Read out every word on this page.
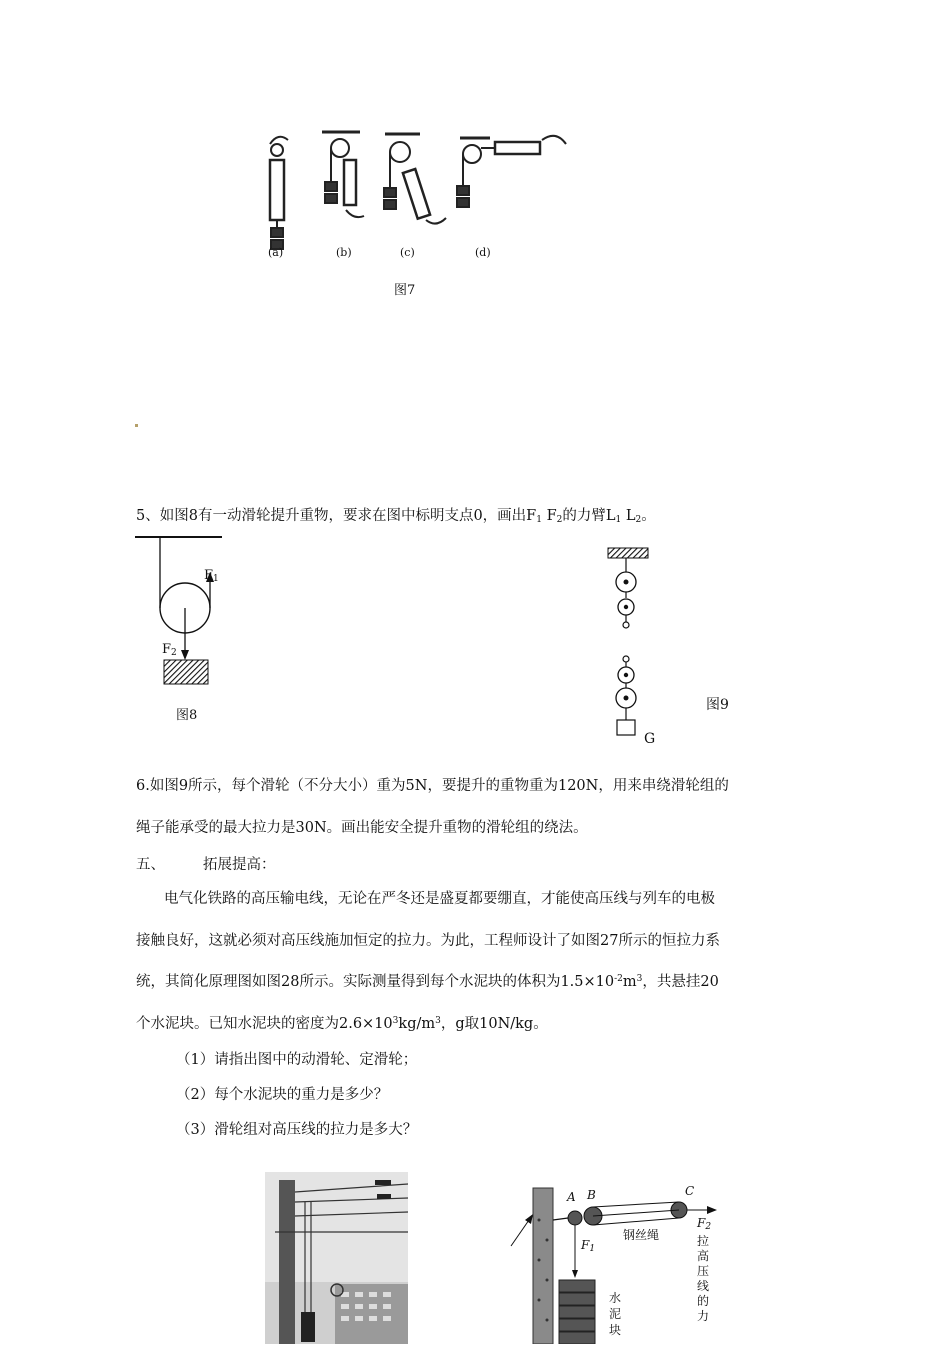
(a)	(b)	(c)	(d)
图7
5、如图8有一动滑轮提升重物，要求在图中标明支点0，画出$F_1$ $F_2$的力臂$L_1$ $L_2$。
$F_1$
$F_2$
图8
G
图9
6.如图9所示，每个滑轮（不分大小）重为5N，要提升的重物重为120N，用来串绕滑轮组的
绳子能承受的最大拉力是30N。画出能安全提升重物的滑轮组的绕法。
五、	拓展提高：
电气化铁路的高压输电线，无论在严冬还是盛夏都要绷直，才能使高压线与列车的电极
接触良好，这就必须对高压线施加恒定的拉力。为此，工程师设计了如图27所示的恒拉力系
统，其简化原理图如图28所示。实际测量得到每个水泥块的体积为$1.5\times 10^{-2}m^3$，共悬挂20
个水泥块。已知水泥块的密度为$2.6\times 10^3kg/m^3$，g取10N/kg。
（1）请指出图中的动滑轮、定滑轮；
（2）每个水泥块的重力是多少？
（3）滑轮组对高压线的拉力是多大？
A B	C
$F_1$
钢丝绳
$F_2$
拉
高
压
线
的
力
水
泥
块
